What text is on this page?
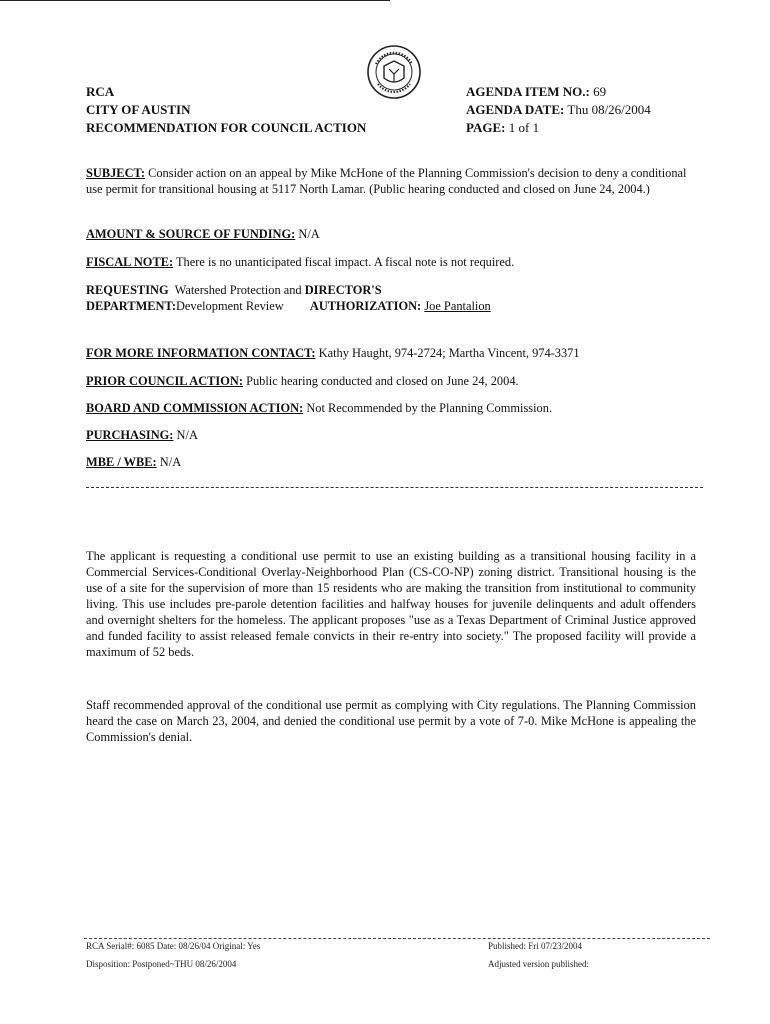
RCA
CITY OF AUSTIN
RECOMMENDATION FOR COUNCIL ACTION
AGENDA ITEM NO.: 69
AGENDA DATE: Thu 08/26/2004
PAGE: 1 of 1
SUBJECT: Consider action on an appeal by Mike McHone of the Planning Commission's decision to deny a conditional use permit for transitional housing at 5117 North Lamar. (Public hearing conducted and closed on June 24, 2004.)
AMOUNT & SOURCE OF FUNDING: N/A
FISCAL NOTE: There is no unanticipated fiscal impact. A fiscal note is not required.
REQUESTING Watershed Protection and DIRECTOR'S
DEPARTMENT:Development Review AUTHORIZATION: Joe Pantalion
FOR MORE INFORMATION CONTACT: Kathy Haught, 974-2724; Martha Vincent, 974-3371
PRIOR COUNCIL ACTION: Public hearing conducted and closed on June 24, 2004.
BOARD AND COMMISSION ACTION: Not Recommended by the Planning Commission.
PURCHASING: N/A
MBE / WBE: N/A

The applicant is requesting a conditional use permit to use an existing building as a transitional housing facility in a Commercial Services-Conditional Overlay-Neighborhood Plan (CS-CO-NP) zoning district. Transitional housing is the use of a site for the supervision of more than 15 residents who are making the transition from institutional to community living. This use includes pre-parole detention facilities and halfway houses for juvenile delinquents and adult offenders and overnight shelters for the homeless. The applicant proposes "use as a Texas Department of Criminal Justice approved and funded facility to assist released female convicts in their re-entry into society." The proposed facility will provide a maximum of 52 beds.

Staff recommended approval of the conditional use permit as complying with City regulations. The Planning Commission heard the case on March 23, 2004, and denied the conditional use permit by a vote of 7-0. Mike McHone is appealing the Commission's denial.

RCA Serial#: 6085 Date: 08/26/04 Original: Yes
Disposition: Postponed~THU 08/26/2004
Published: Fri 07/23/2004
Adjusted version published:
